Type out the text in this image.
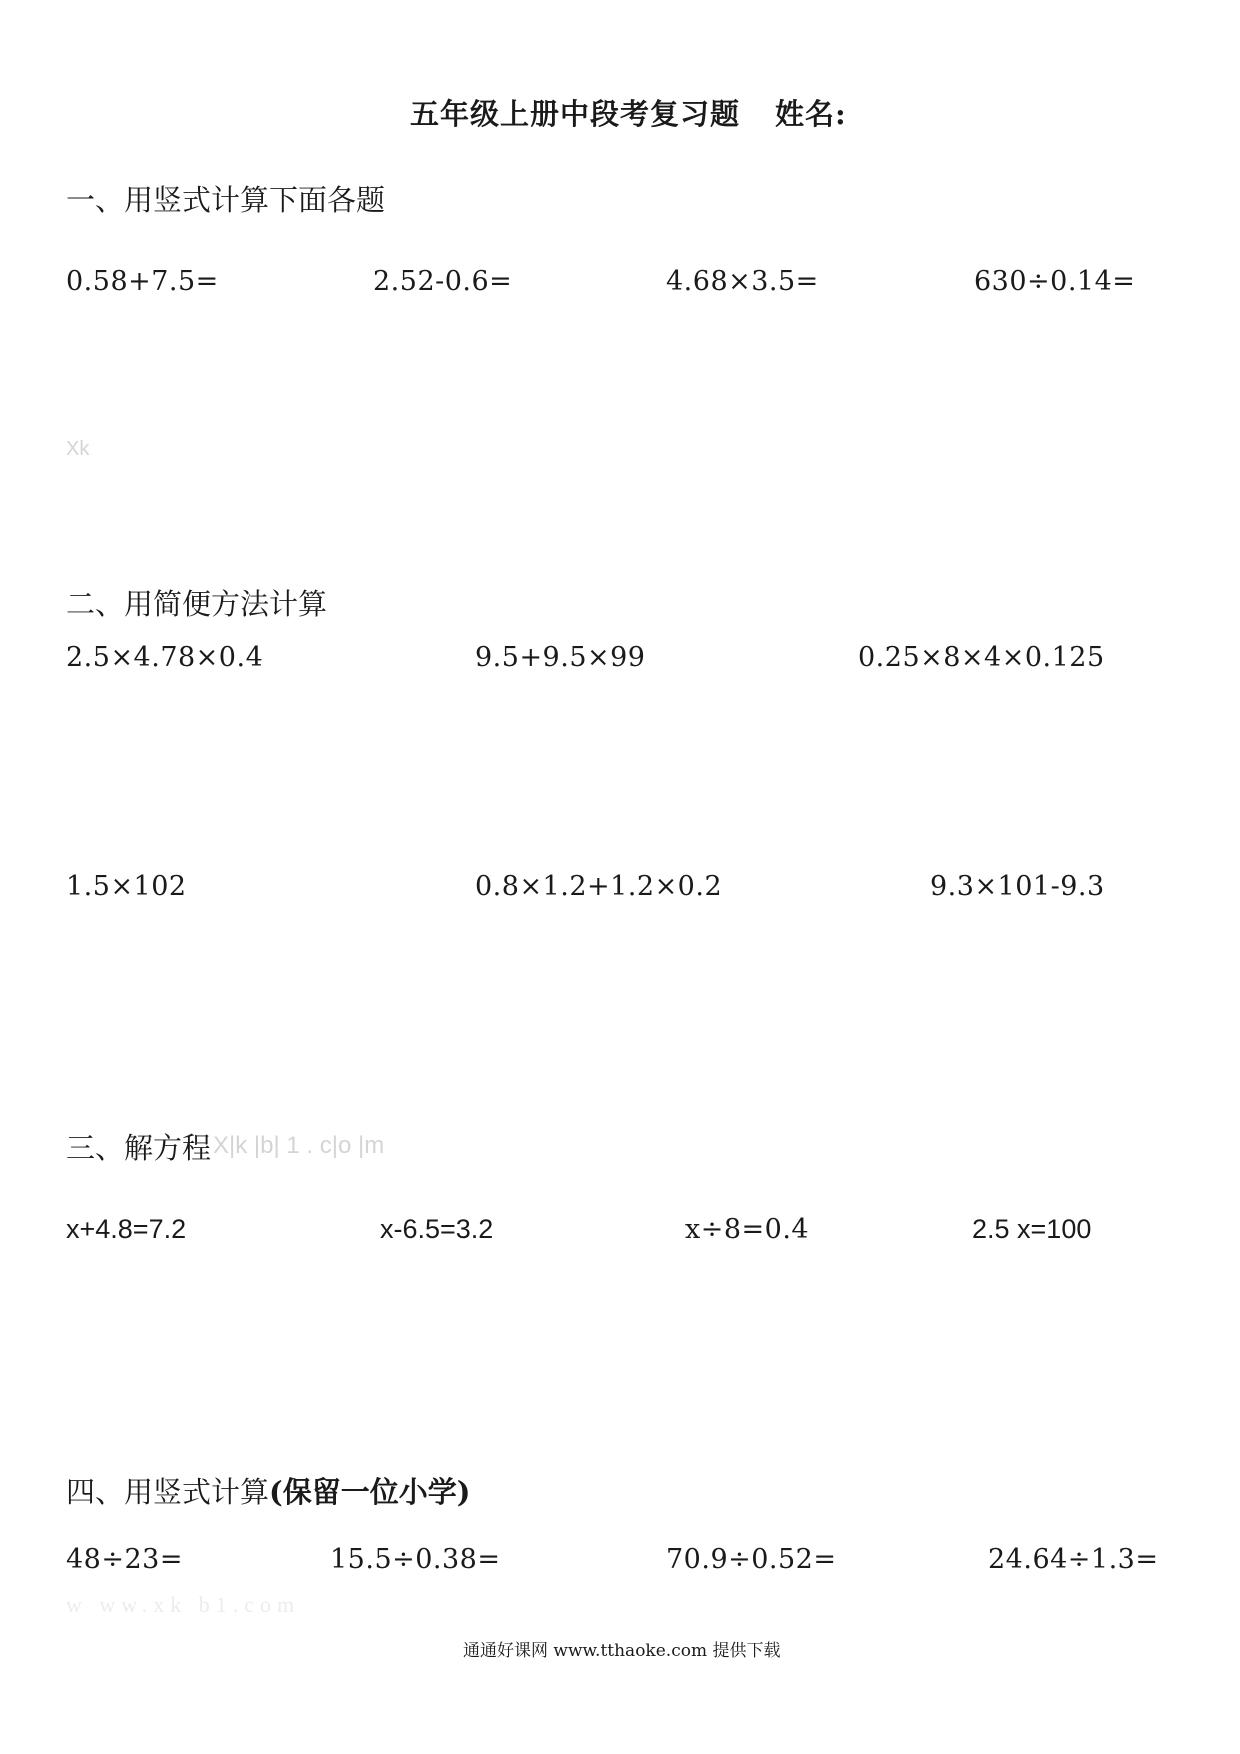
五年级上册中段考复习题 姓名:
一、用竖式计算下面各题
0.58+7.5=	2.52-0.6=	4.68×3.5=	630÷0.14=
Xk
二、用简便方法计算
2.5×4.78×0.4	9.5+9.5×99	0.25×8×4×0.125
1.5×102	0.8×1.2+1.2×0.2	9.3×101-9.3
三、解方程 X|k |b| 1 . c|o |m
x+4.8=7.2	x-6.5=3.2	x÷8=0.4	2.5 x=100
四、用竖式计算(保留一位小学)
48÷23=	15.5÷0.38=	70.9÷0.52=	24.64÷1.3=
w ww.xk b1.com
通通好课网 www.tthaoke.com 提供下载
